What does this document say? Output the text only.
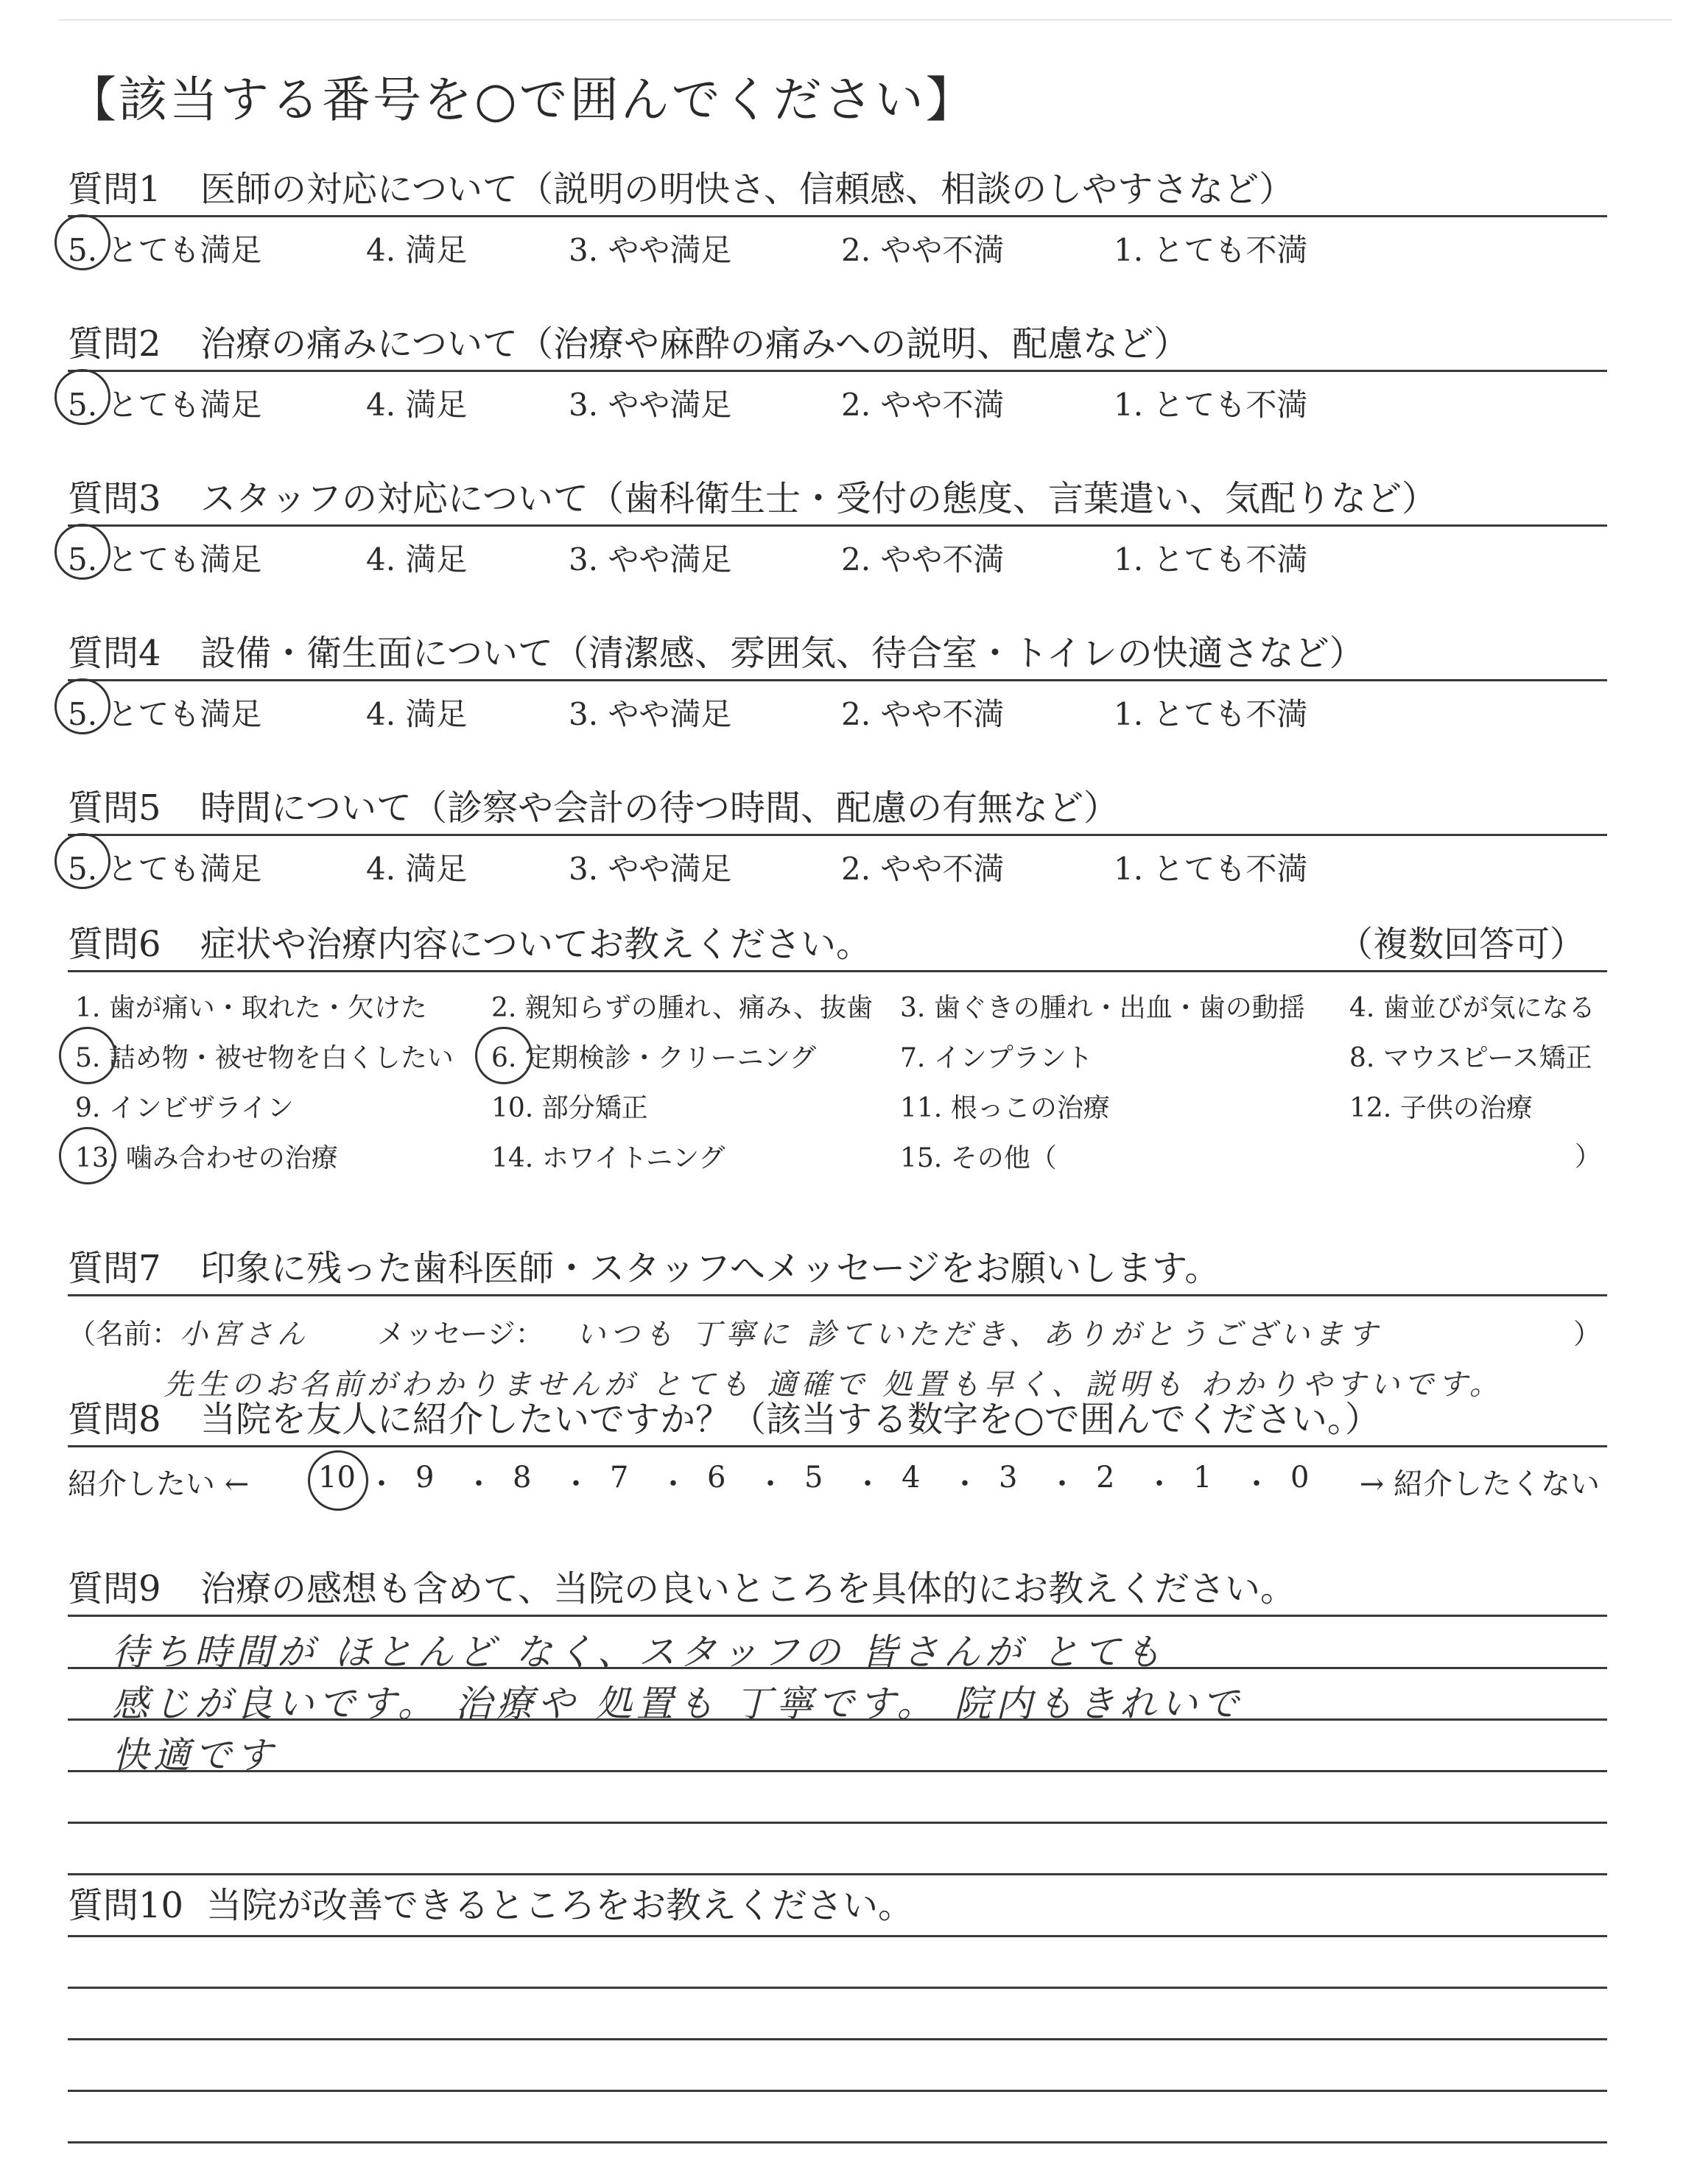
【該当する番号を○で囲んでください】
質問1 医師の対応について（説明の明快さ、信頼感、相談のしやすさなど）
5. とても満足	4. 満足	3. やや満足	2. やや不満	1. とても不満
質問2 治療の痛みについて（治療や麻酔の痛みへの説明、配慮など）
5. とても満足	4. 満足	3. やや満足	2. やや不満	1. とても不満
質問3 スタッフの対応について（歯科衛生士・受付の態度、言葉遣い、気配りなど）
5. とても満足	4. 満足	3. やや満足	2. やや不満	1. とても不満
質問4 設備・衛生面について（清潔感、雰囲気、待合室・トイレの快適さなど）
5. とても満足	4. 満足	3. やや満足	2. やや不満	1. とても不満
質問5 時間について（診察や会計の待つ時間、配慮の有無など）
5. とても満足	4. 満足	3. やや満足	2. やや不満	1. とても不満
質問6 症状や治療内容についてお教えください。	（複数回答可）
）
1. 歯が痛い・取れた・欠けた 2. 親知らずの腫れ、痛み、抜歯 3. 歯ぐきの腫れ・出血・歯の動揺 4. 歯並びが気になる
5. 詰め物・被せ物を白くしたい 6. 定期検診・クリーニング	7. インプラント	8. マウスピース矯正
9. インビザライン	10. 部分矯正	11. 根っこの治療	12. 子供の治療
13. 噛み合わせの治療	14. ホワイトニング	15. その他（
質問7 印象に残った歯科医師・スタッフへメッセージをお願いします。
（名前：小宮さん メッセージ： いつも 丁寧に 診ていただき、ありがとうございます
先生のお名前がわかりませんが とても 適確で 処置も早く、説明も わかりやすいです。
）
質問8 当院を友人に紹介したいですか？（該当する数字を○で囲んでください。）
紹介したい ←	→ 紹介したくない
10 ・ 9 ・ 8 ・ 7 ・ 6 ・ 5 ・ 4 ・ 3 ・ 2 ・ 1 ・ 0
質問9 治療の感想も含めて、当院の良いところを具体的にお教えください。
待ち時間が ほとんど なく、スタッフの 皆さんが とても
感じが良いです。 治療や 処置も 丁寧です。 院内もきれいで
快適です
質問10 当院が改善できるところをお教えください。
